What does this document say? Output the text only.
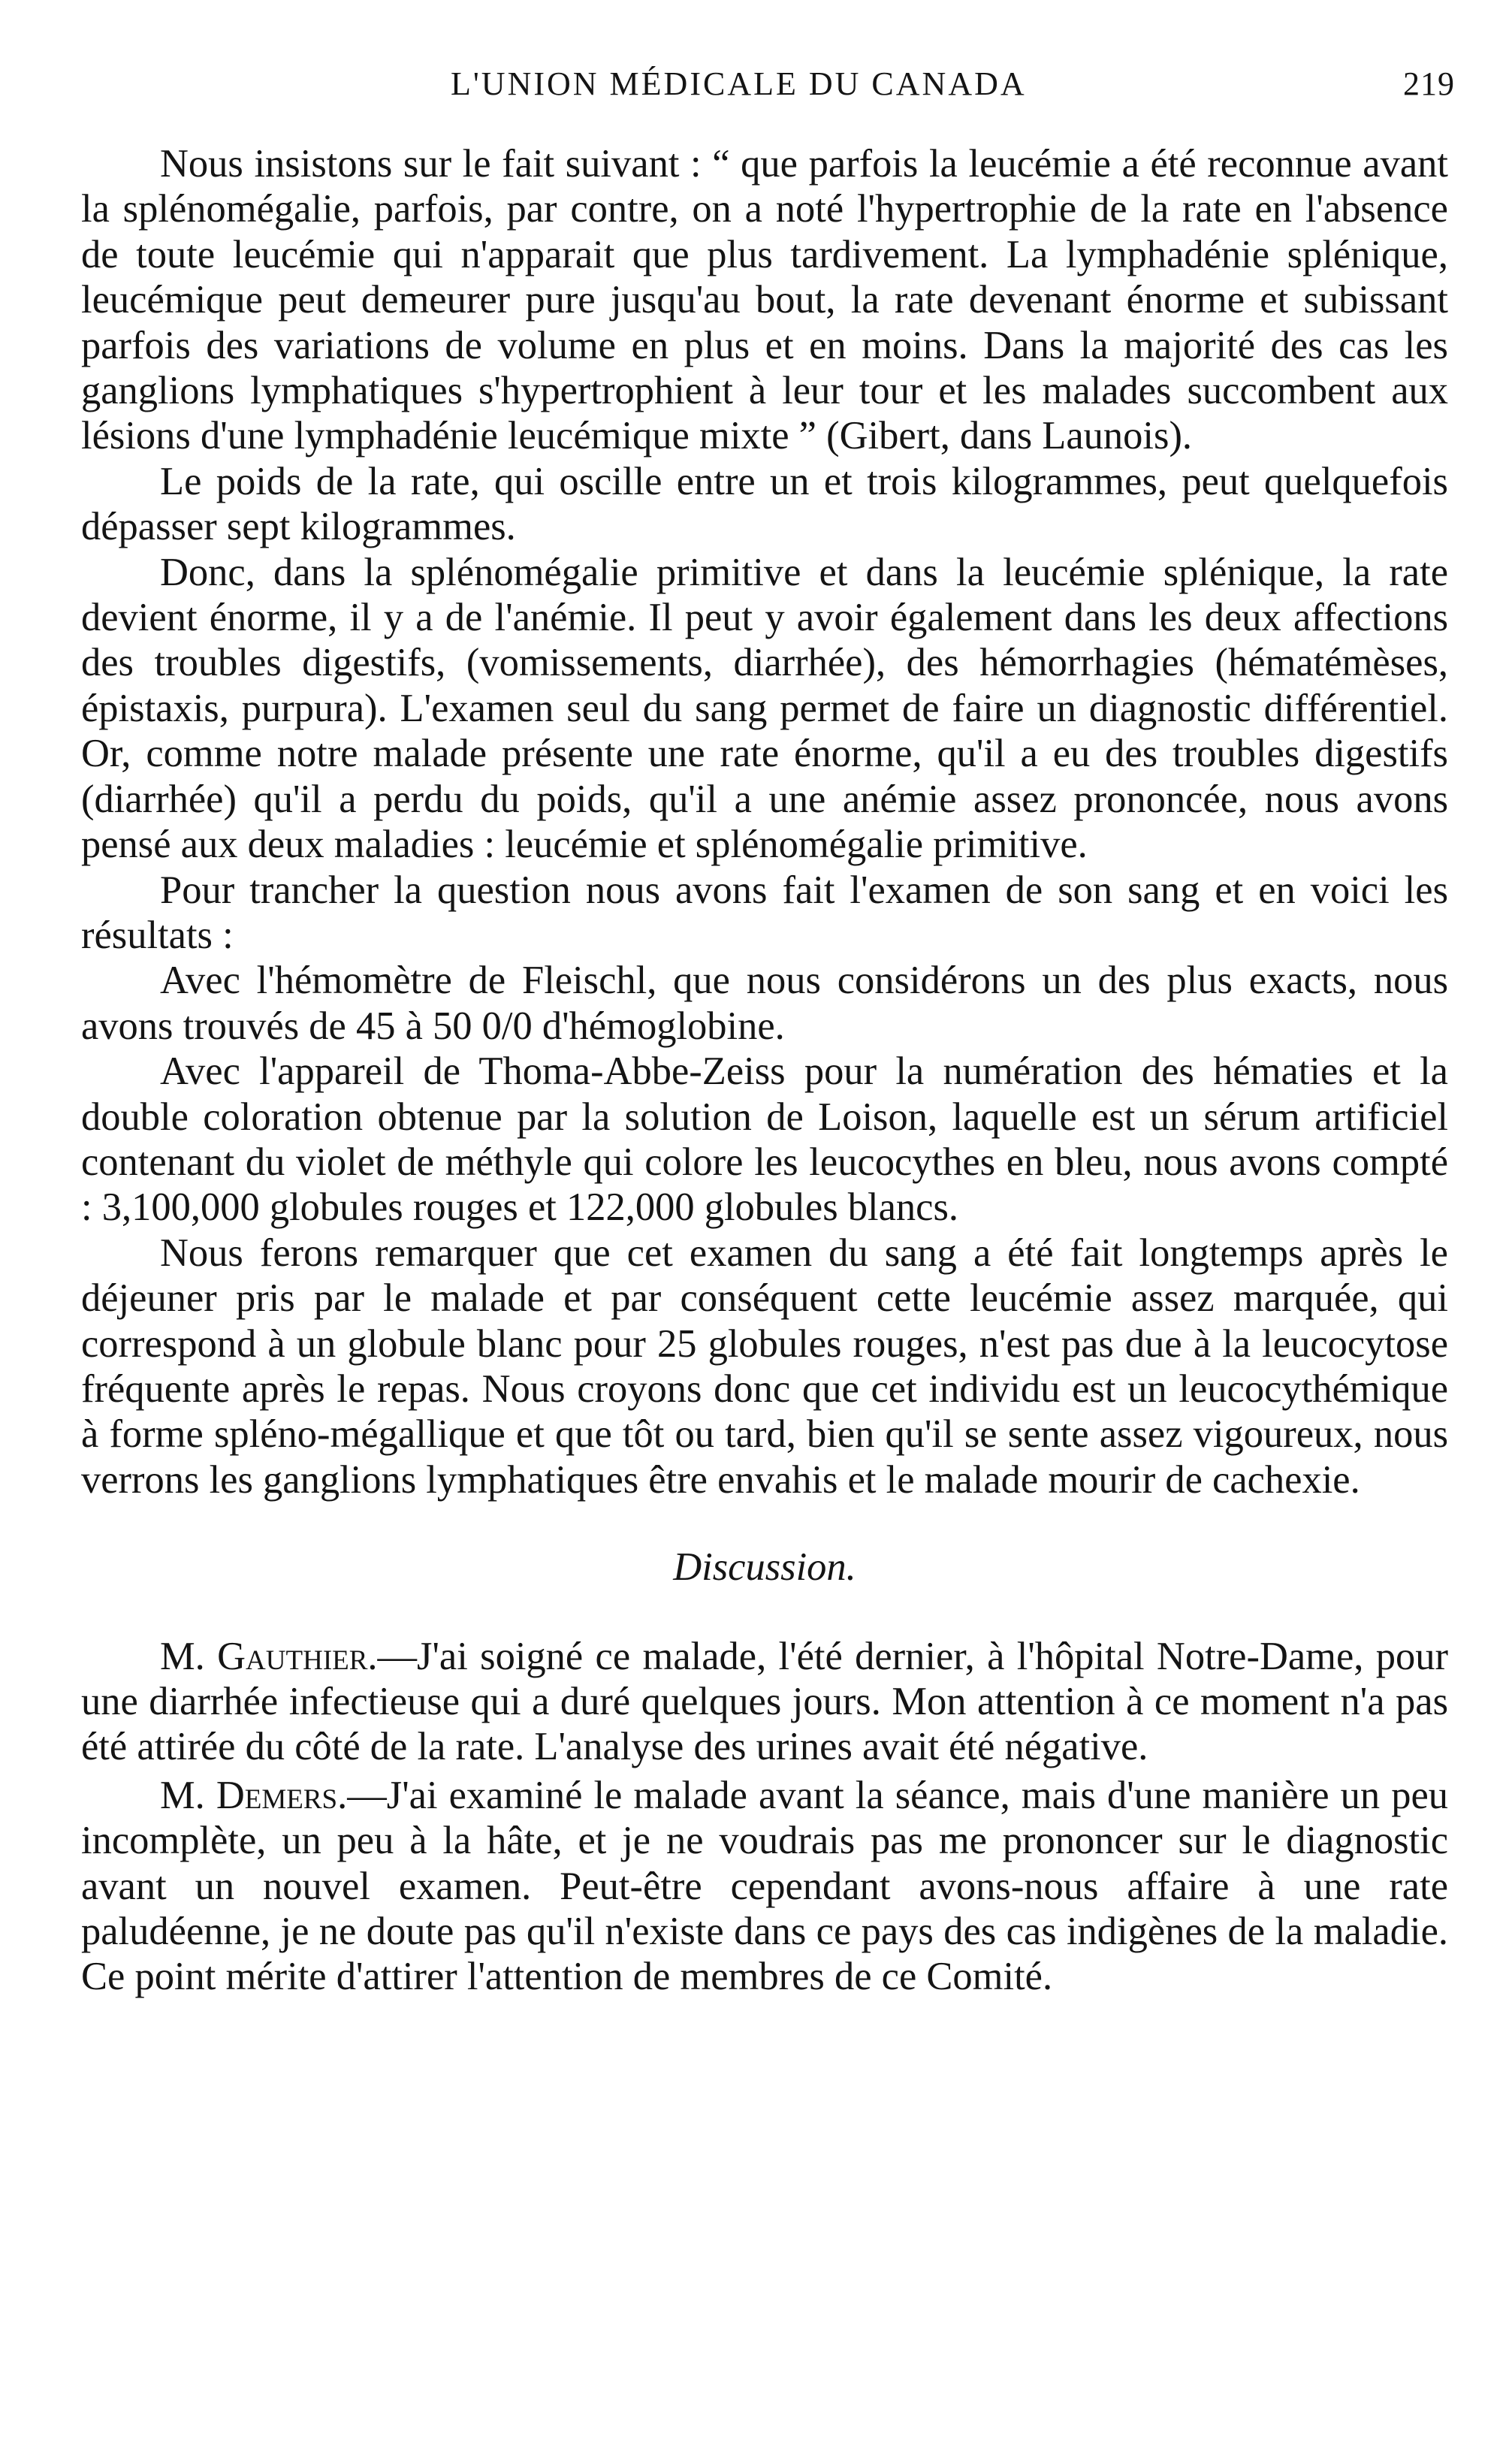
L'UNION MÉDICALE DU CANADA	219

Nous insistons sur le fait suivant : “ que parfois la leucémie a été reconnue avant la splénomégalie, parfois, par contre, on a noté l'hypertrophie de la rate en l'absence de toute leucémie qui n'apparait que plus tardivement. La lymphadénie splénique, leucémique peut demeurer pure jusqu'au bout, la rate devenant énorme et subissant parfois des variations de volume en plus et en moins. Dans la majorité des cas les ganglions lymphatiques s'hypertrophient à leur tour et les malades succombent aux lésions d'une lymphadénie leucémique mixte ” (Gibert, dans Launois).

Le poids de la rate, qui oscille entre un et trois kilogrammes, peut quelquefois dépasser sept kilogrammes.

Donc, dans la splénomégalie primitive et dans la leucémie splénique, la rate devient énorme, il y a de l'anémie. Il peut y avoir également dans les deux affections des troubles digestifs, (vomissements, diarrhée), des hémorrhagies (hématémèses, épistaxis, purpura). L'examen seul du sang permet de faire un diagnostic différentiel. Or, comme notre malade présente une rate énorme, qu'il a eu des troubles digestifs (diarrhée) qu'il a perdu du poids, qu'il a une anémie assez prononcée, nous avons pensé aux deux maladies : leucémie et splénomégalie primitive.

Pour trancher la question nous avons fait l'examen de son sang et en voici les résultats :

Avec l'hémomètre de Fleischl, que nous considérons un des plus exacts, nous avons trouvés de 45 à 50 0/0 d'hémoglobine.

Avec l'appareil de Thoma-Abbe-Zeiss pour la numération des hématies et la double coloration obtenue par la solution de Loison, laquelle est un sérum artificiel contenant du violet de méthyle qui colore les leucocythes en bleu, nous avons compté : 3,100,000 globules rouges et 122,000 globules blancs.

Nous ferons remarquer que cet examen du sang a été fait longtemps après le déjeuner pris par le malade et par conséquent cette leucémie assez marquée, qui correspond à un globule blanc pour 25 globules rouges, n'est pas due à la leucocytose fréquente après le repas. Nous croyons donc que cet individu est un leucocythémique à forme spléno-mégallique et que tôt ou tard, bien qu'il se sente assez vigoureux, nous verrons les ganglions lymphatiques être envahis et le malade mourir de cachexie.

Discussion.

M. Gauthier.—J'ai soigné ce malade, l'été dernier, à l'hôpital Notre-Dame, pour une diarrhée infectieuse qui a duré quelques jours. Mon attention à ce moment n'a pas été attirée du côté de la rate. L'analyse des urines avait été négative.

M. Demers.—J'ai examiné le malade avant la séance, mais d'une manière un peu incomplète, un peu à la hâte, et je ne voudrais pas me prononcer sur le diagnostic avant un nouvel examen. Peut-être cependant avons-nous affaire à une rate paludéenne, je ne doute pas qu'il n'existe dans ce pays des cas indigènes de la maladie. Ce point mérite d'attirer l'attention de membres de ce Comité.
